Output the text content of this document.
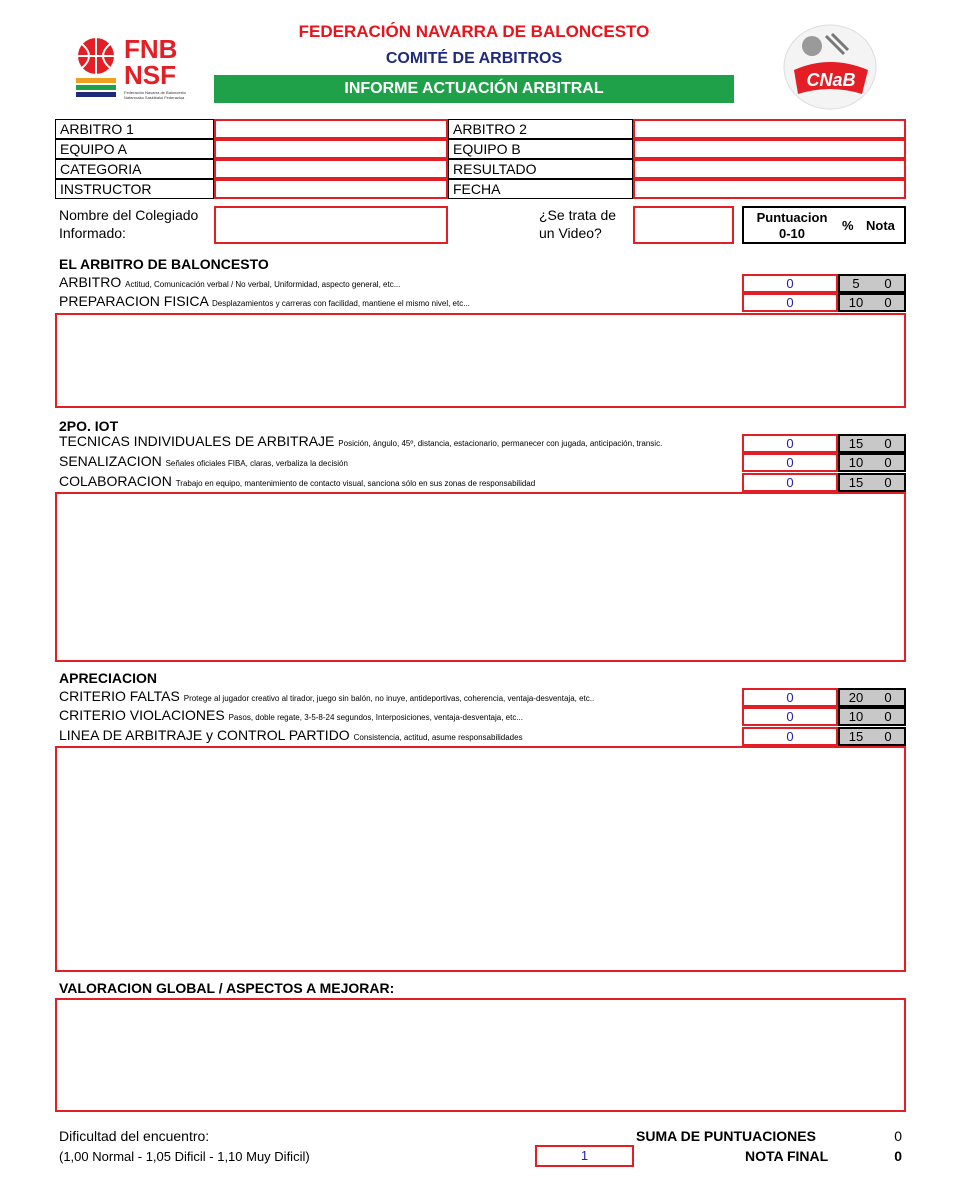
FNB
NSF
Federación Navarra de Baloncesto
Nafarroako Saskibaloi Federazioa
FEDERACIÓN NAVARRA DE BALONCESTO
COMITÉ DE ARBITROS
INFORME ACTUACIÓN ARBITRAL	CNaB
ARBITRO 1	ARBITRO 2
EQUIPO A	EQUIPO B
CATEGORIA	RESULTADO
INSTRUCTOR	FECHA
Nombre del Colegiado
Informado:
¿Se trata de
un Video?
Puntuacion
0-10
% Nota
EL ARBITRO DE BALONCESTO
ARBITRO Actitud, Comunicación verbal / No verbal, Uniformidad, aspecto general, etc...	0	5 0
PREPARACION FISICA Desplazamientos y carreras con facilidad, mantiene el mismo nivel, etc...	0	10 0
2PO. IOT
TECNICAS INDIVIDUALES DE ARBITRAJE Posición, ángulo, 45º, distancia, estacionario, permanecer con jugada, anticipación, transic.	0	15 0
SENALIZACION Señales oficiales FIBA, claras, verbaliza la decisión	0	10 0
COLABORACION Trabajo en equipo, mantenimiento de contacto visual, sanciona sólo en sus zonas de responsabilidad	0	15 0
APRECIACION
CRITERIO FALTAS Protege al jugador creativo al tirador, juego sin balón, no inuye, antideportivas, coherencia, ventaja-desventaja, etc..	0	20 0
CRITERIO VIOLACIONES Pasos, doble regate, 3-5-8-24 segundos, Interposiciones, ventaja-desventaja, etc...	0	10 0
LINEA DE ARBITRAJE y CONTROL PARTIDO Consistencia, actitud, asume responsabilidades	0	15 0
VALORACION GLOBAL / ASPECTOS A MEJORAR:
Dificultad del encuentro:
(1,00 Normal - 1,05 Dificil - 1,10 Muy Dificil)	1
SUMA DE PUNTUACIONES	0
NOTA FINAL	0
